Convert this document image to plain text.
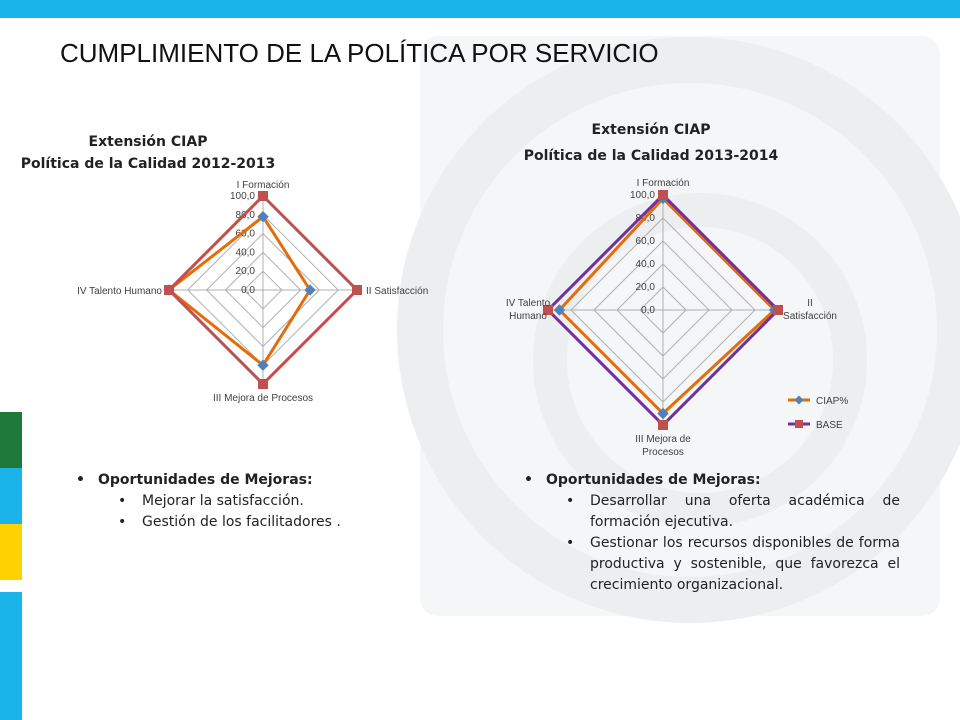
CUMPLIMIENTO DE LA POLÍTICA POR SERVICIO
Extensión CIAP
Política de la Calidad 2012-2013
0,0
20,0
40,0
60,0
80,0
100,0
I Formación
II Satisfacción
III Mejora de Procesos
IV Talento Humano
Extensión CIAP
Política de la Calidad 2013-2014
0,0
20,0
40,0
60,0
80,0
100,0
I Formación
II Satisfacción
III Mejora de Procesos
IV Talento Humano
CIAP%
BASE
• Oportunidades de Mejoras:
• Mejorar la satisfacción.
• Gestión de los facilitadores .
• Oportunidades de Mejoras:
• Desarrollar una oferta académica de formación ejecutiva.
• Gestionar los recursos disponibles de forma productiva y sostenible, que favorezca el crecimiento organizacional.
